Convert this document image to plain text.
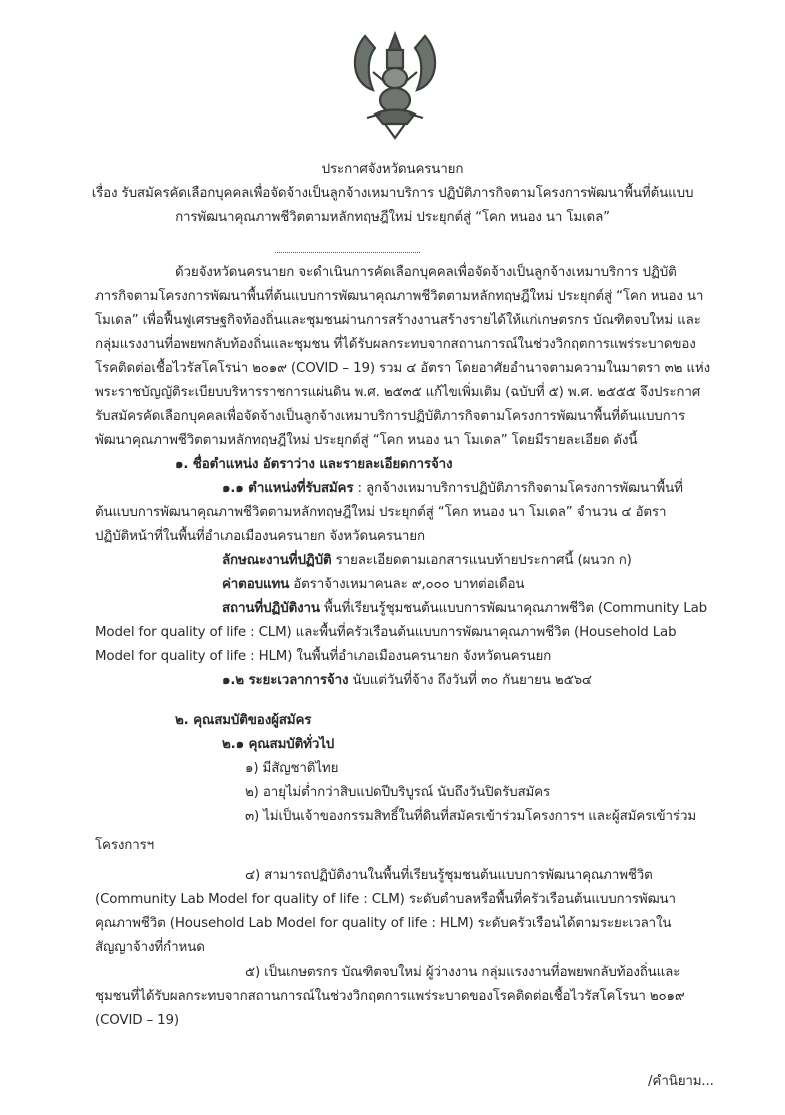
ประกาศจังหวัดนครนายก
เรื่อง รับสมัครคัดเลือกบุคคลเพื่อจัดจ้างเป็นลูกจ้างเหมาบริการ ปฏิบัติภารกิจตามโครงการพัฒนาพื้นที่ต้นแบบ
การพัฒนาคุณภาพชีวิตตามหลักทฤษฎีใหม่ ประยุกต์สู่ “โคก หนอง นา โมเดล”
ด้วยจังหวัดนครนายก จะดำเนินการคัดเลือกบุคคลเพื่อจัดจ้างเป็นลูกจ้างเหมาบริการ ปฏิบัติ
ภารกิจตามโครงการพัฒนาพื้นที่ต้นแบบการพัฒนาคุณภาพชีวิตตามหลักทฤษฎีใหม่ ประยุกต์สู่ “โคก หนอง นา
โมเดล” เพื่อฟื้นฟูเศรษฐกิจท้องถิ่นและชุมชนผ่านการสร้างงานสร้างรายได้ให้แก่เกษตรกร บัณฑิตจบใหม่ และ
กลุ่มแรงงานที่อพยพกลับท้องถิ่นและชุมชน ที่ได้รับผลกระทบจากสถานการณ์ในช่วงวิกฤตการแพร่ระบาดของ
โรคติดต่อเชื้อไวรัสโคโรน่า ๒๐๑๙ (COVID – 19) รวม ๔ อัตรา โดยอาศัยอำนาจตามความในมาตรา ๓๒ แห่ง
พระราชบัญญัติระเบียบบริหารราชการแผ่นดิน พ.ศ. ๒๕๓๕ แก้ไขเพิ่มเติม (ฉบับที่ ๕) พ.ศ. ๒๕๕๕ จึงประกาศ
รับสมัครคัดเลือกบุคคลเพื่อจัดจ้างเป็นลูกจ้างเหมาบริการปฏิบัติภารกิจตามโครงการพัฒนาพื้นที่ต้นแบบการ
พัฒนาคุณภาพชีวิตตามหลักทฤษฎีใหม่ ประยุกต์สู่ “โคก หนอง นา โมเดล” โดยมีรายละเอียด ดังนี้
๑. ชื่อตำแหน่ง อัตราว่าง และรายละเอียดการจ้าง
๑.๑ ตำแหน่งที่รับสมัคร : ลูกจ้างเหมาบริการปฏิบัติภารกิจตามโครงการพัฒนาพื้นที่
ต้นแบบการพัฒนาคุณภาพชีวิตตามหลักทฤษฎีใหม่ ประยุกต์สู่ “โคก หนอง นา โมเดล” จำนวน ๔ อัตรา
ปฏิบัติหน้าที่ในพื้นที่อำเภอเมืองนครนายก จังหวัดนครนายก
ลักษณะงานที่ปฏิบัติ รายละเอียดตามเอกสารแนบท้ายประกาศนี้ (ผนวก ก)
ค่าตอบแทน อัตราจ้างเหมาคนละ ๙,๐๐๐ บาทต่อเดือน
สถานที่ปฏิบัติงาน พื้นที่เรียนรู้ชุมชนต้นแบบการพัฒนาคุณภาพชีวิต (Community Lab
Model for quality of life : CLM) และพื้นที่ครัวเรือนต้นแบบการพัฒนาคุณภาพชีวิต (Household Lab
Model for quality of life : HLM) ในพื้นที่อำเภอเมืองนครนายก จังหวัดนครนยก
๑.๒ ระยะเวลาการจ้าง นับแต่วันที่จ้าง ถึงวันที่ ๓๐ กันยายน ๒๕๖๔
๒. คุณสมบัติของผู้สมัคร
๒.๑ คุณสมบัติทั่วไป
๑) มีสัญชาติไทย
๒) อายุไม่ต่ำกว่าสิบแปดปีบริบูรณ์ นับถึงวันปิดรับสมัคร
๓) ไม่เป็นเจ้าของกรรมสิทธิ์ในที่ดินที่สมัครเข้าร่วมโครงการฯ และผู้สมัครเข้าร่วม
โครงการฯ
๔) สามารถปฏิบัติงานในพื้นที่เรียนรู้ชุมชนต้นแบบการพัฒนาคุณภาพชีวิต
(Community Lab Model for quality of life : CLM) ระดับตำบลหรือพื้นที่ครัวเรือนต้นแบบการพัฒนา
คุณภาพชีวิต (Household Lab Model for quality of life : HLM) ระดับครัวเรือนได้ตามระยะเวลาใน
สัญญาจ้างที่กำหนด
๕) เป็นเกษตรกร บัณฑิตจบใหม่ ผู้ว่างงาน กลุ่มแรงงานที่อพยพกลับท้องถิ่นและ
ชุมชนที่ได้รับผลกระทบจากสถานการณ์ในช่วงวิกฤตการแพร่ระบาดของโรคติดต่อเชื้อไวรัสโคโรนา ๒๐๑๙
(COVID – 19)
/คำนิยาม...
